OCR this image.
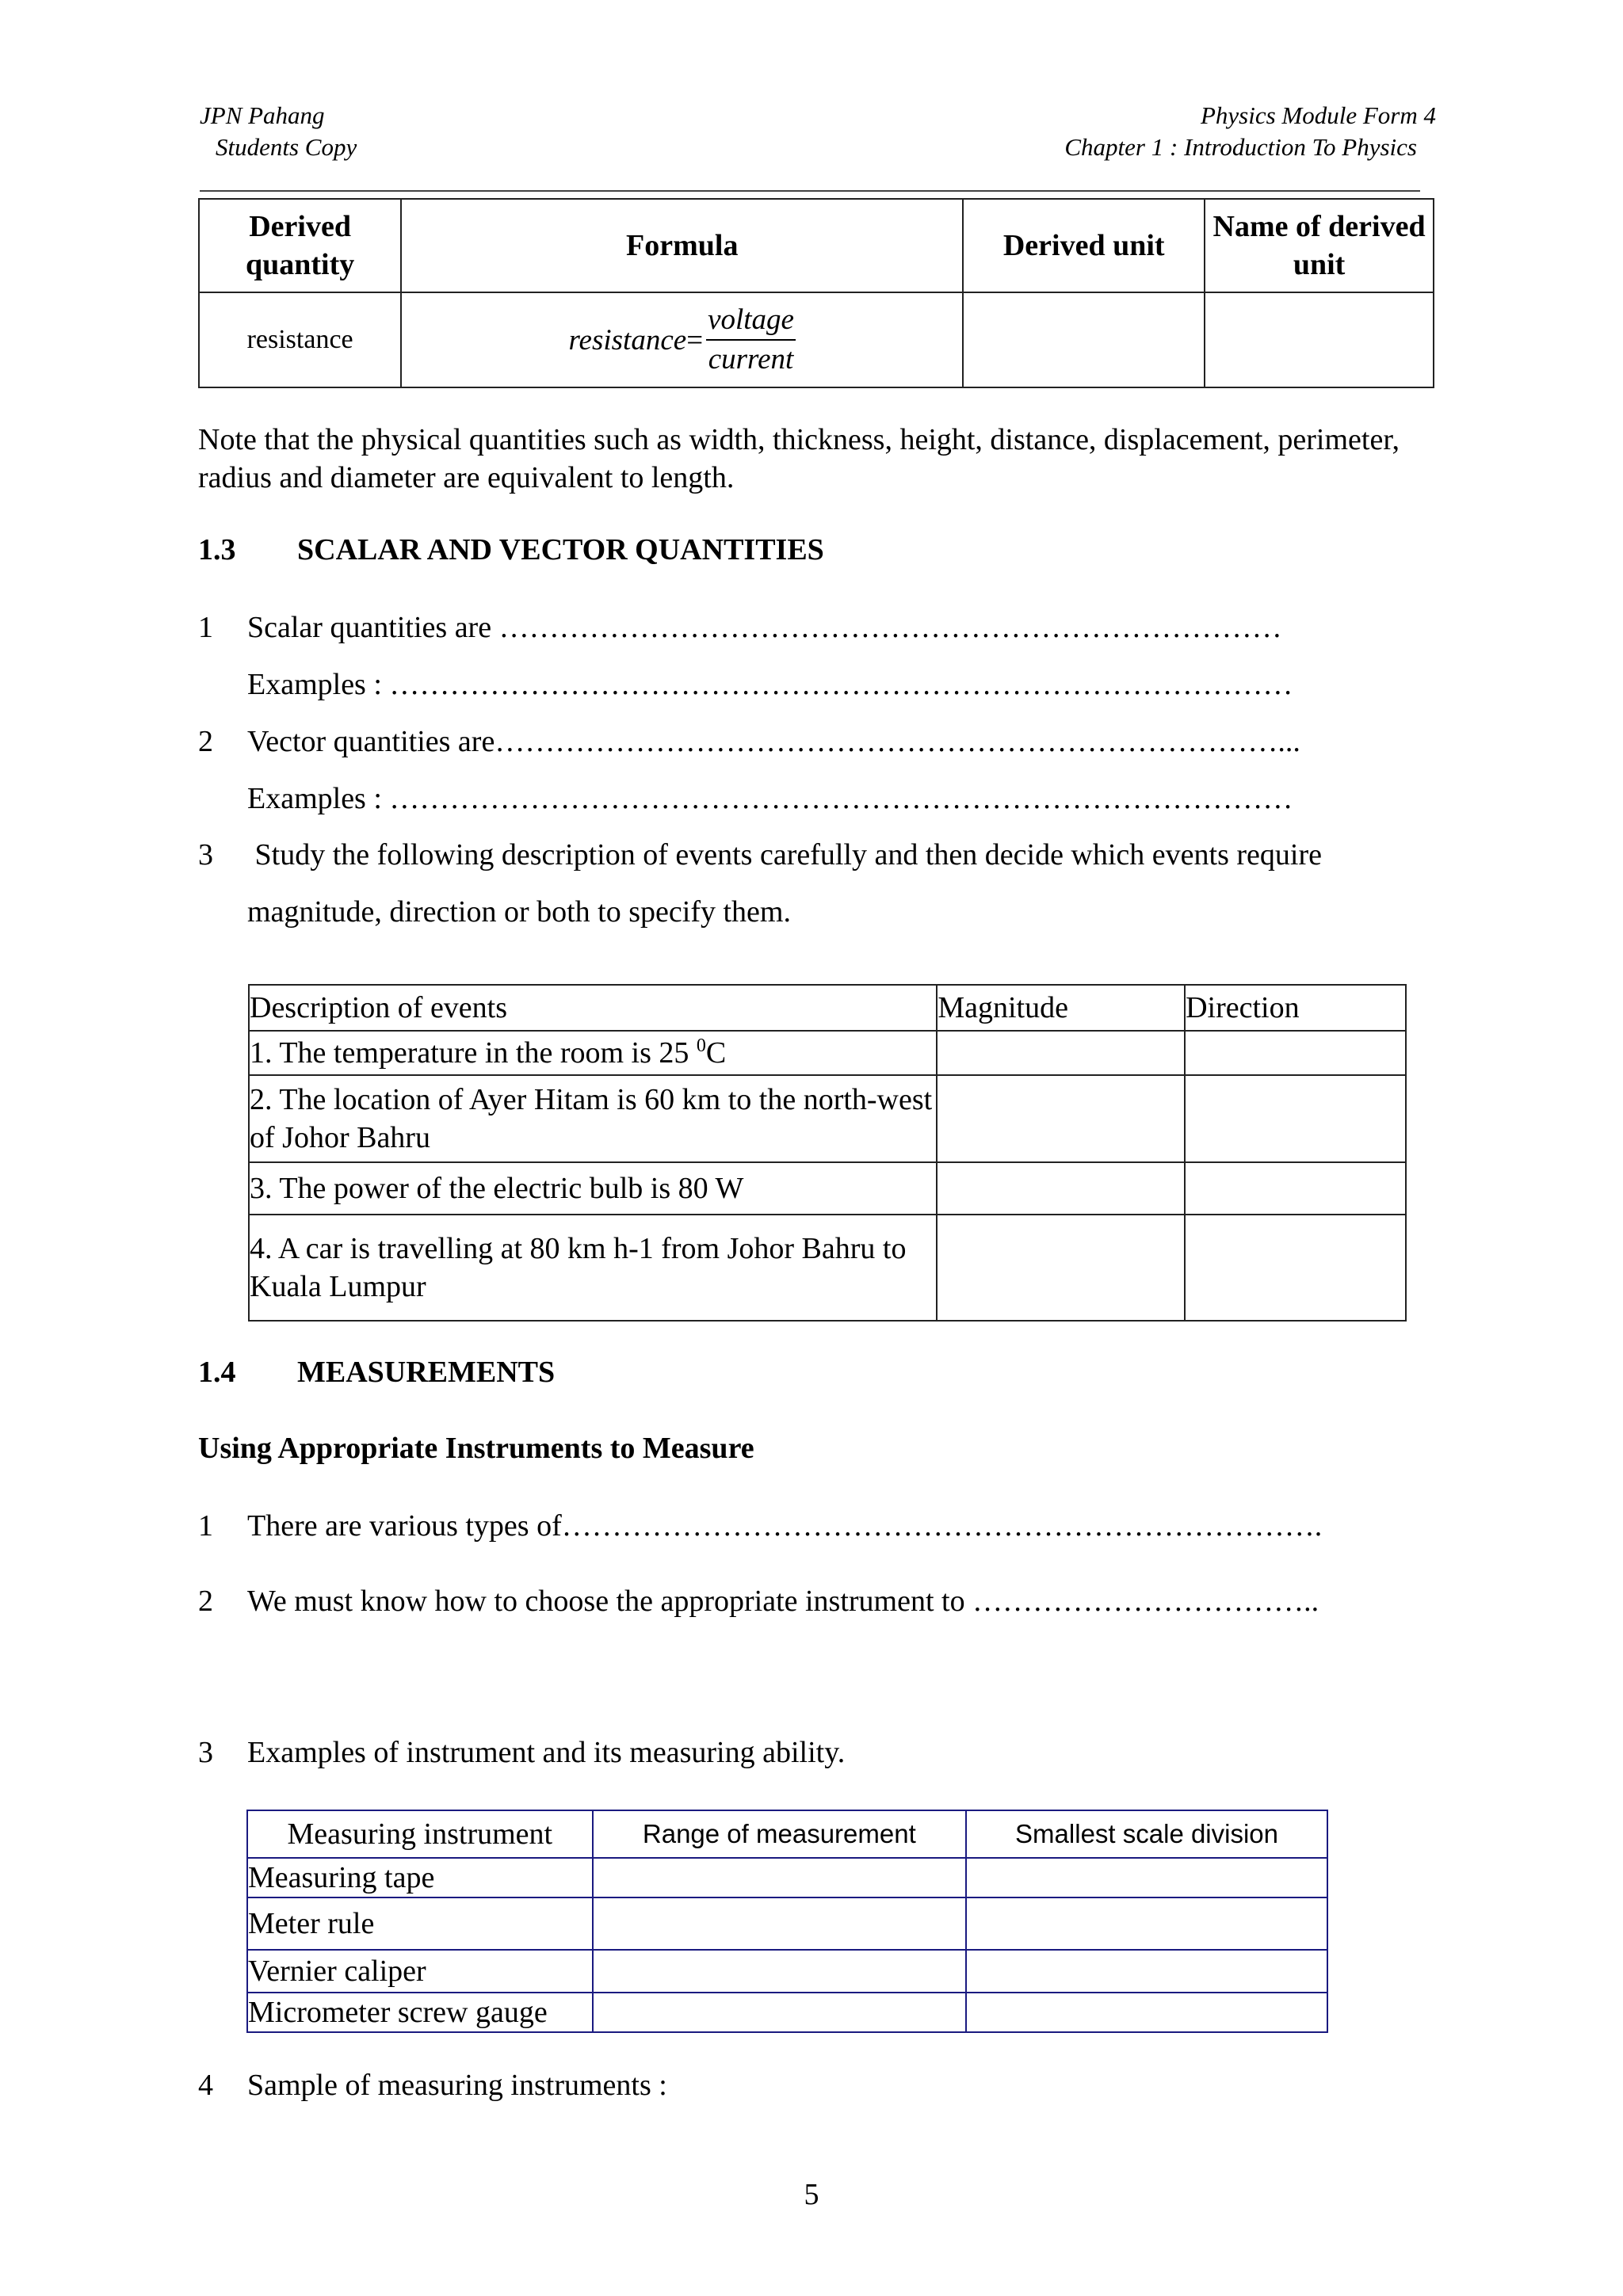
JPN Pahang
Students Copy
Physics Module Form 4
Chapter 1 : Introduction To Physics
Derived quantity	Formula	Derived unit	Name of derived unit
resistance	resistance = $\frac{\text{voltage}}{\text{current}}$

Note that the physical quantities such as width, thickness, height, distance, displacement, perimeter, radius and diameter are equivalent to length.
1.3 SCALAR AND VECTOR QUANTITIES
1 Scalar quantities are ……………………………………………………………………
Examples : ………………………………………………………………………………
2 Vector quantities are……………………………………………………………………...
Examples : ………………………………………………………………………………
3 Study the following description of events carefully and then decide which events require
magnitude, direction or both to specify them.
Description of events	Magnitude	Direction
1. The temperature in the room is 25 $^0$C		
2. The location of Ayer Hitam is 60 km to the north-west of Johor Bahru		
3. The power of the electric bulb is 80 W		
4. A car is travelling at 80 km h-1 from Johor Bahru to Kuala Lumpur		
1.4 MEASUREMENTS
Using Appropriate Instruments to Measure
1 There are various types of………………………………………………………………….
2 We must know how to choose the appropriate instrument to ……………………………..
3 Examples of instrument and its measuring ability.
Measuring instrument	Range of measurement	Smallest scale division
Measuring tape		
Meter rule		
Vernier caliper		
Micrometer screw gauge		
4 Sample of measuring instruments :
5
